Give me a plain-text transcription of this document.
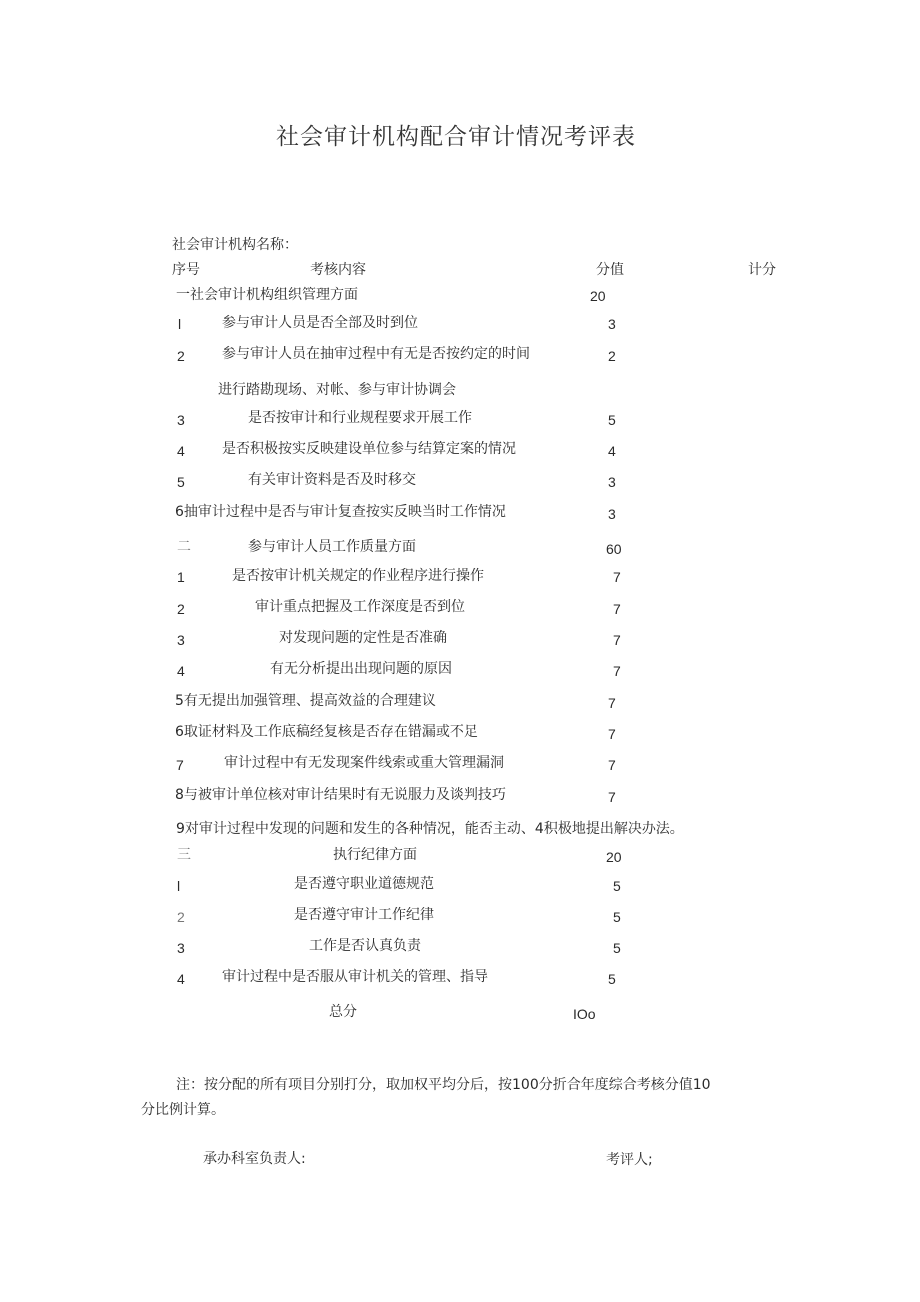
社会审计机构配合审计情况考评表
社会审计机构名称：
序号	考核内容	分值	计分
一社会审计机构组织管理方面	20
l	参与审计人员是否全部及时到位	3
2	参与审计人员在抽审过程中有无是否按约定的时间	2
进行踏勘现场、对帐、参与审计协调会
3	是否按审计和行业规程要求开展工作	5
4	是否积极按实反映建设单位参与结算定案的情况	4
5	有关审计资料是否及时移交	3
6抽审计过程中是否与审计复查按实反映当时工作情况	3
二	参与审计人员工作质量方面	60
1	是否按审计机关规定的作业程序进行操作	7
2	审计重点把握及工作深度是否到位	7
3	对发现问题的定性是否准确	7
4	有无分析提出出现问题的原因	7
5有无提出加强管理、提高效益的合理建议	7
6取证材料及工作底稿经复核是否存在错漏或不足	7
7	审计过程中有无发现案件线索或重大管理漏洞	7
8与被审计单位核对审计结果时有无说服力及谈判技巧	7
9对审计过程中发现的问题和发生的各种情况，能否主动、4积极地提出解决办法。
三	执行纪律方面	20
l	是否遵守职业道德规范	5
2	是否遵守审计工作纪律	5
3	工作是否认真负责	5
4	审计过程中是否服从审计机关的管理、指导	5
总分	IOo
注：按分配的所有项目分别打分，取加权平均分后，按100分折合年度综合考核分值10
分比例计算。
承办科室负责人:	考评人;
